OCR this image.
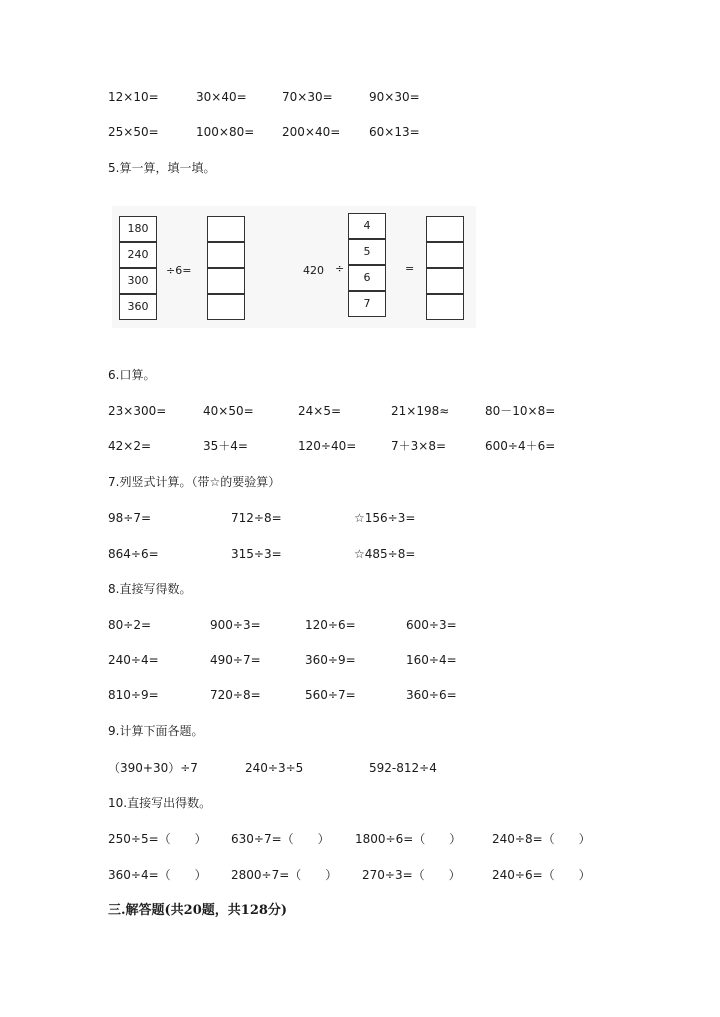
12×10=	30×40=	70×30=	90×30=
25×50=	100×80= 200×40= 60×13=
5.算一算，填一填。
180
240
300
360
÷6=	420 ÷
4
5
6
7
=
6.口算。
23×300=	40×50=	24×5=	21×198≈	80－10×8=
42×2=	35＋4=	120÷40=	7＋3×8=	600÷4＋6=
7.列竖式计算。（带☆的要验算）
98÷7=	712÷8=	☆156÷3=
864÷6=	315÷3=	☆485÷8=
8.直接写得数。
80÷2=	900÷3=	120÷6=	600÷3=
240÷4=	490÷7=	360÷9=	160÷4=
810÷9=	720÷8=	560÷7=	360÷6=
9.计算下面各题。
（390+30）÷7	240÷3÷5	592-812÷4
10.直接写出得数。
250÷5=（　　） 630÷7=（　　） 1800÷6=（　　）	240÷8=（　　）
360÷4=（　　） 2800÷7=（　　） 270÷3=（　　）	240÷6=（　　）
三.解答题(共20题，共128分)
